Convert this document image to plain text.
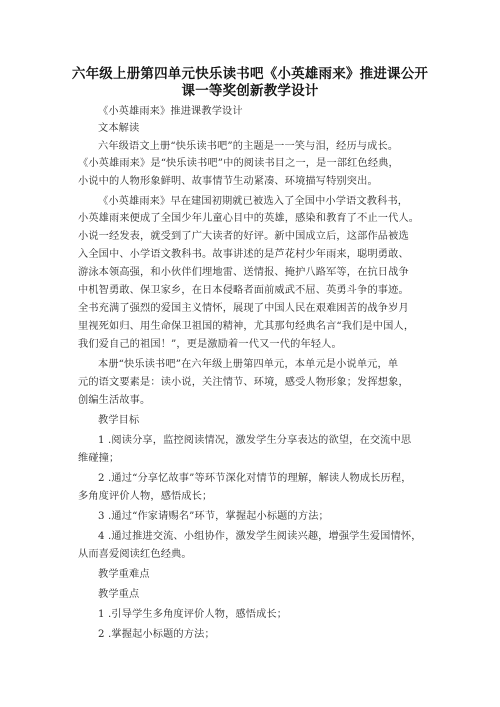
六年级上册第四单元快乐读书吧《小英雄雨来》推进课公开
课一等奖创新教学设计
《小英雄雨来》推进课教学设计
文本解读
六年级语文上册“快乐读书吧”的主题是一一笑与泪，经历与成长。
《小英雄雨来》是“快乐读书吧”中的阅读书目之一，是一部红色经典，
小说中的人物形象鲜明、故事情节生动紧凑、环境描写特别突出。
《小英雄雨来》早在建国初期就已被选入了全国中小学语文教科书，
小英雄雨来便成了全国少年儿童心目中的英雄，感染和教育了不止一代人。
小说一经发表，就受到了广大读者的好评。新中国成立后，这部作品被选
入全国中、小学语文教科书。故事讲述的是芦花村少年雨来，聪明勇敢、
游泳本领高强，和小伙伴们埋地雷、送情报、掩护八路军等，在抗日战争
中机智勇敢、保卫家乡，在日本侵略者面前威武不屈、英勇斗争的事迹。
全书充满了强烈的爱国主义情怀，展现了中国人民在艰难困苦的战争岁月
里视死如归、用生命保卫祖国的精神，尤其那句经典名言“我们是中国人，
我们爱自己的祖国！”，更是激励着一代又一代的年轻人。
本册“快乐读书吧”在六年级上册第四单元，本单元是小说单元，单
元的语文要素是：读小说，关注情节、环境，感受人物形象；发挥想象，
创编生活故事。
教学目标
1 .阅读分享，监控阅读情况，激发学生分享表达的欲望，在交流中思
维碰撞；
2 .通过“分享忆故事”等环节深化对情节的理解，解读人物成长历程，
多角度评价人物，感悟成长；
3 .通过“作家请赐名”环节，掌握起小标题的方法；
4 .通过推进交流、小组协作，激发学生阅读兴趣，增强学生爱国情怀，
从而喜爱阅读红色经典。
教学重难点
教学重点
1 .引导学生多角度评价人物，感悟成长；
2 .掌握起小标题的方法；
